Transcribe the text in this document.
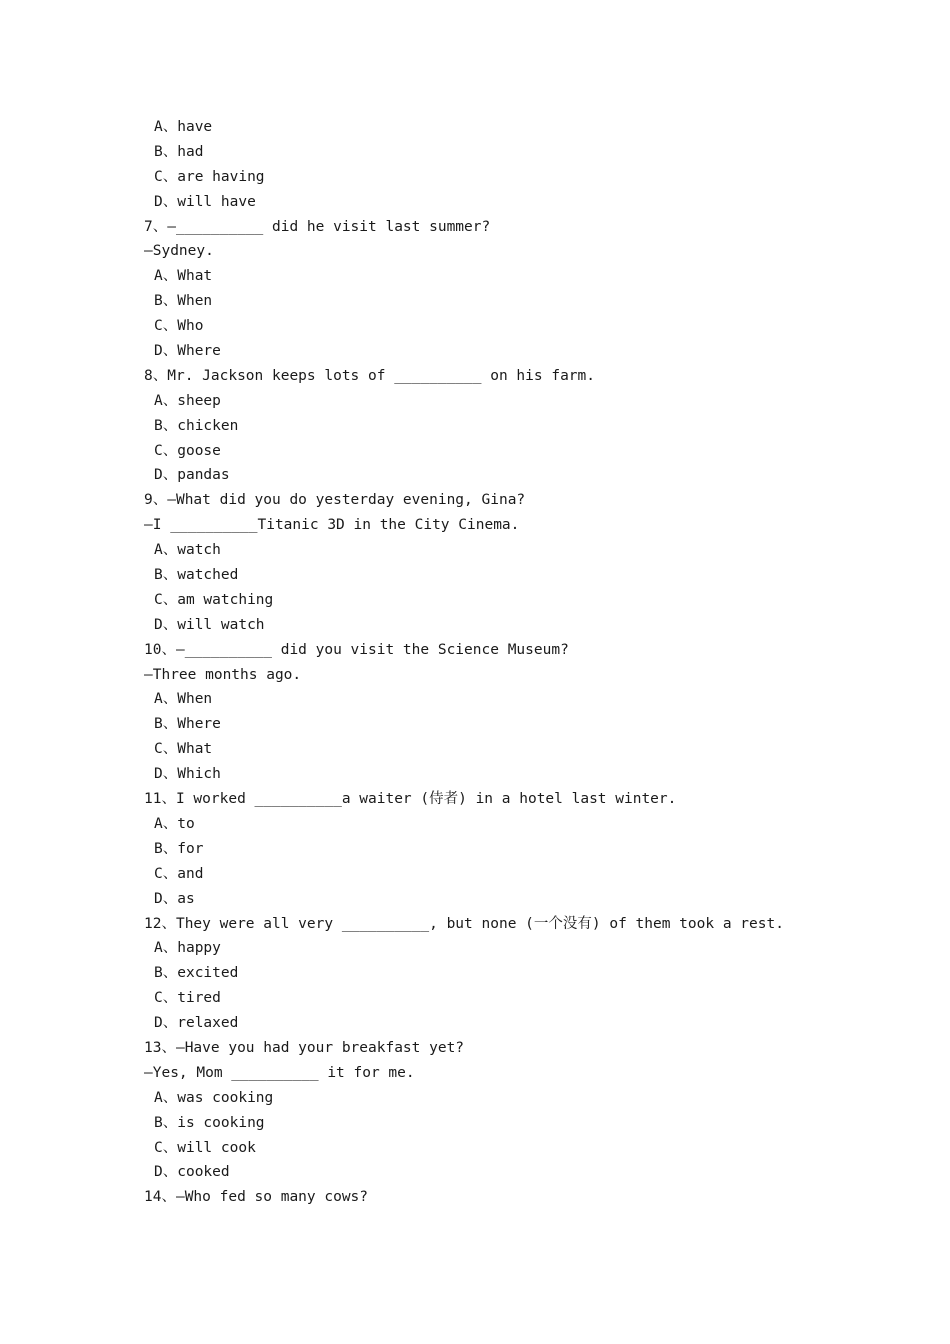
A、have
B、had
C、are having
D、will have
7、—__________ did he visit last summer?
—Sydney.
A、What
B、When
C、Who
D、Where
8、Mr. Jackson keeps lots of __________ on his farm.
A、sheep
B、chicken
C、goose
D、pandas
9、—What did you do yesterday evening, Gina?
—I __________Titanic 3D in the City Cinema.
A、watch
B、watched
C、am watching
D、will watch
10、—__________ did you visit the Science Museum?
—Three months ago.
A、When
B、Where
C、What
D、Which
11、I worked __________a waiter (侍者) in a hotel last winter.
A、to
B、for
C、and
D、as
12、They were all very __________, but none (一个没有) of them took a rest.
A、happy
B、excited
C、tired
D、relaxed
13、—Have you had your breakfast yet?
—Yes, Mom __________ it for me.
A、was cooking
B、is cooking
C、will cook
D、cooked
14、—Who fed so many cows?
